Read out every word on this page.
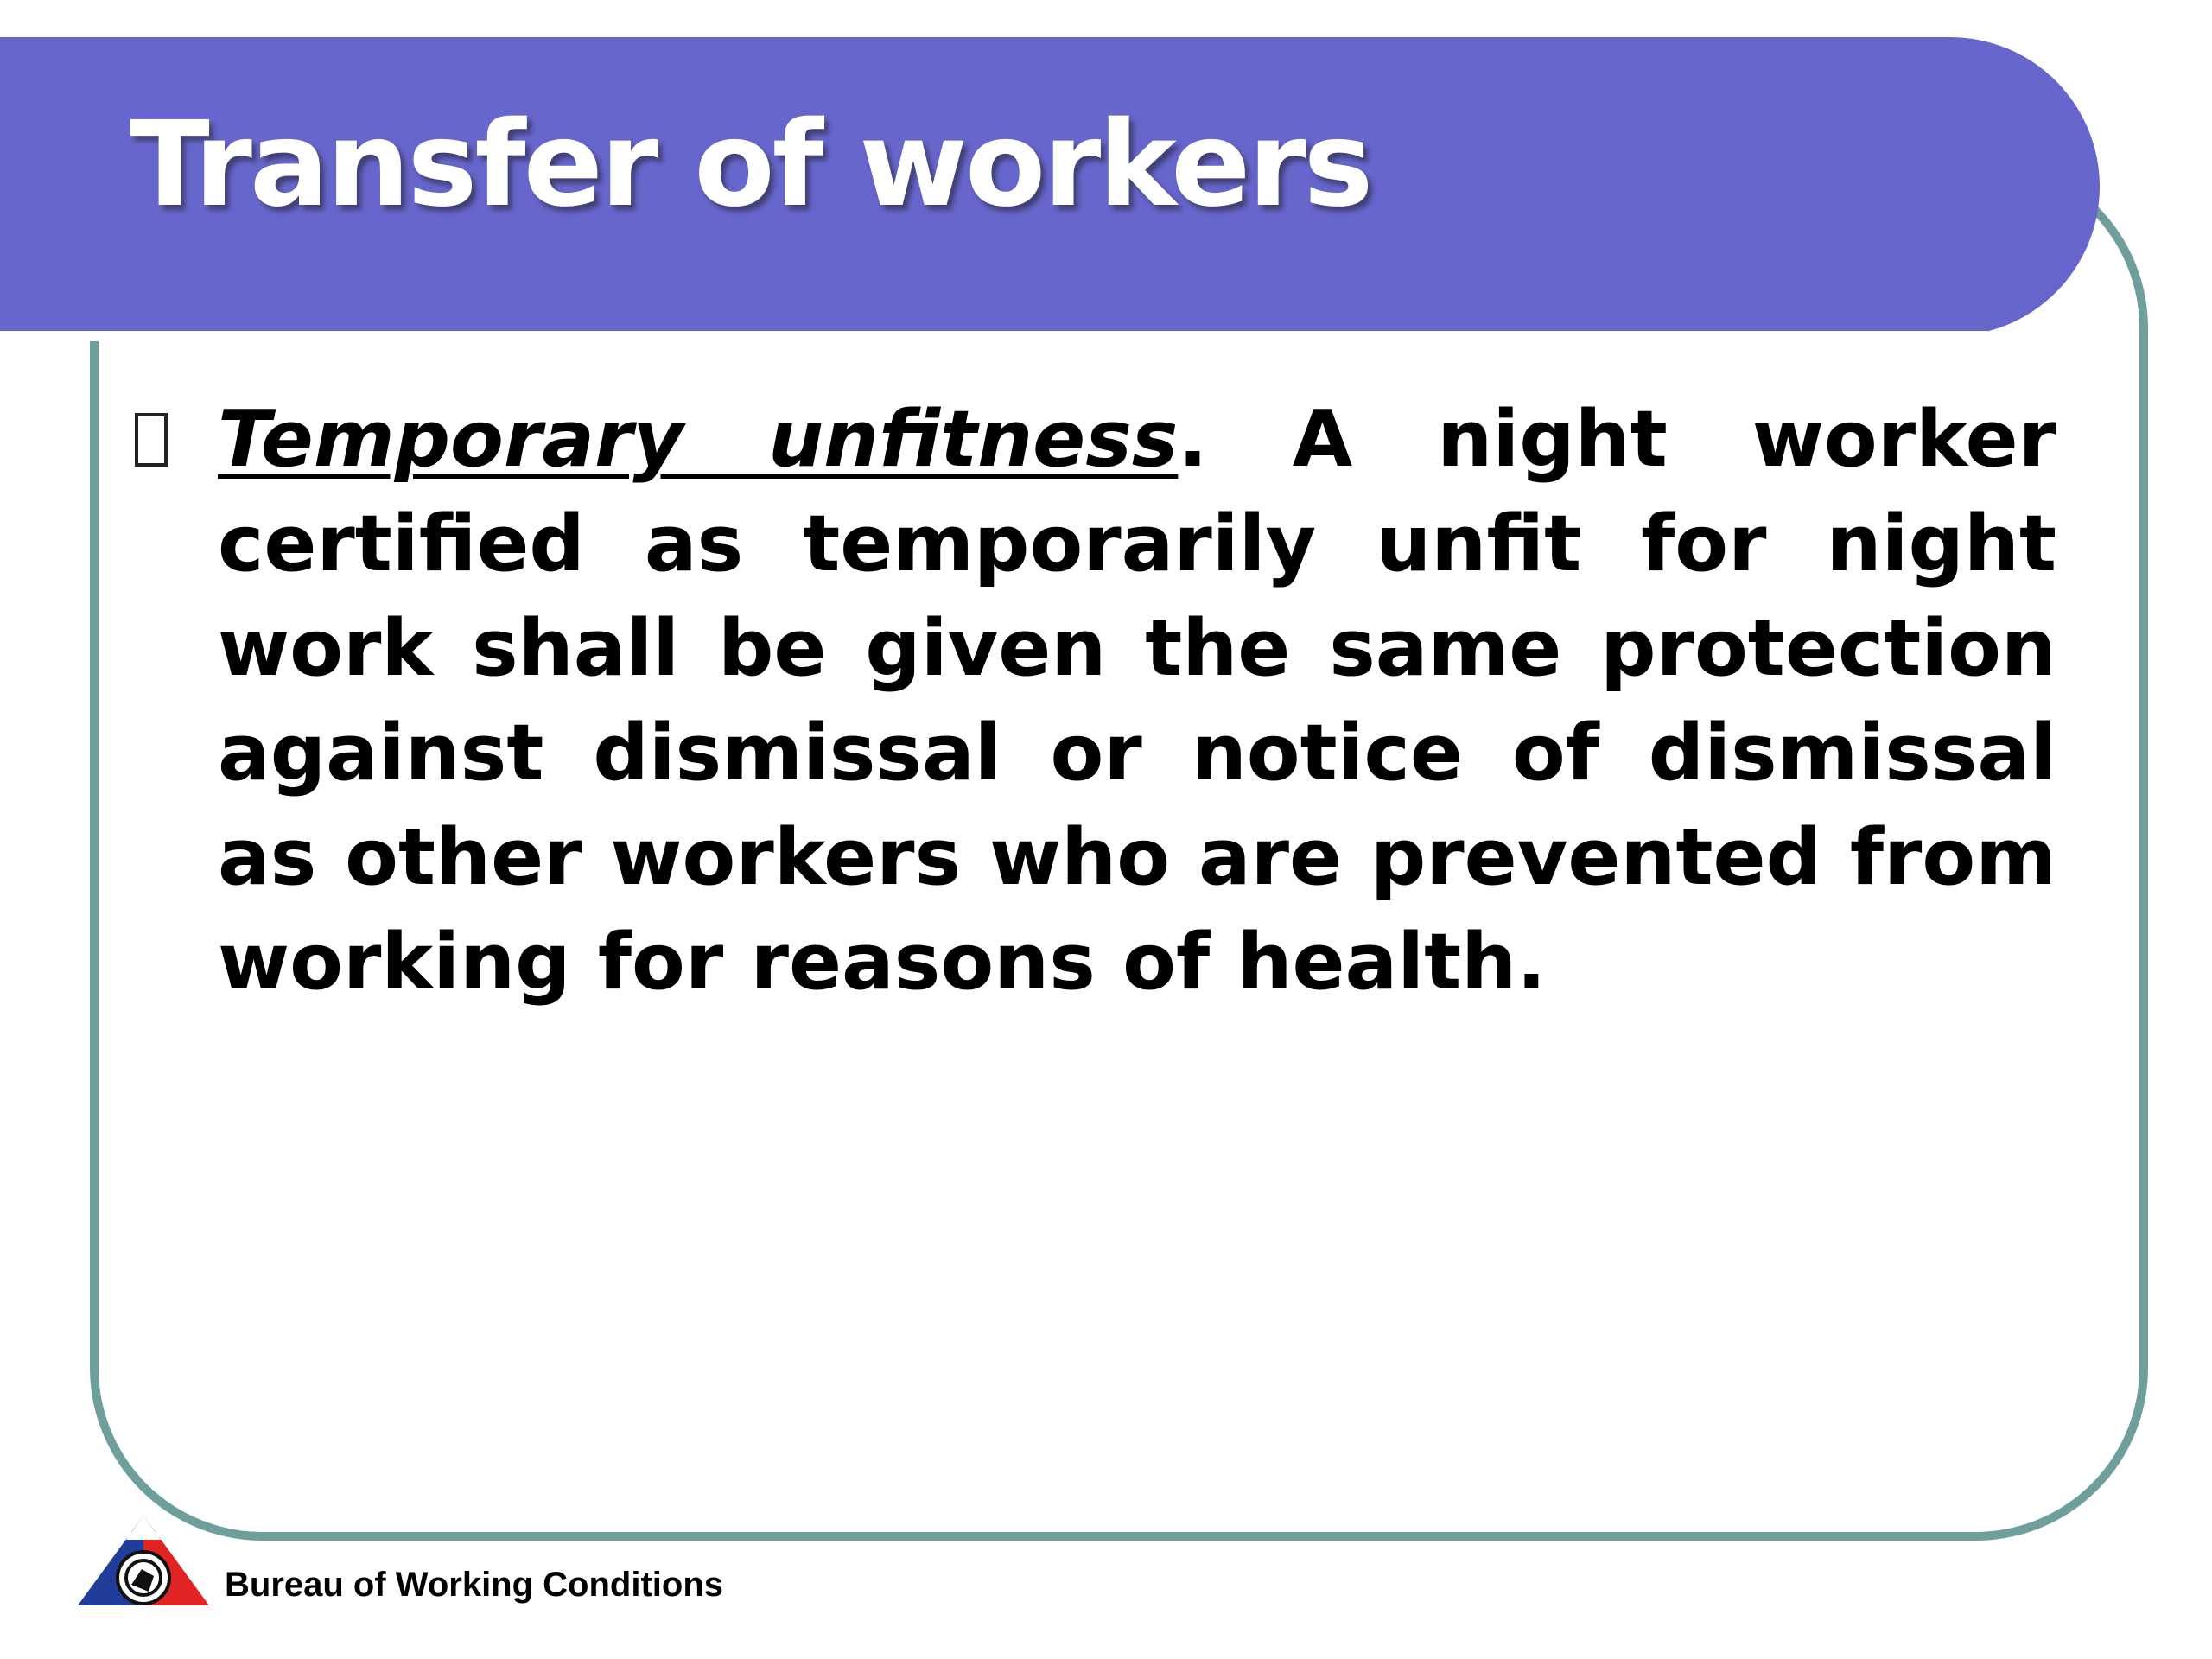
Transfer of workers

Temporary unfitness. A night worker certified as temporarily unfit for night work shall be given the same protection against dismissal or notice of dismissal as other workers who are prevented from working for reasons of health.

★ ★ ★
Bureau of Working Conditions
